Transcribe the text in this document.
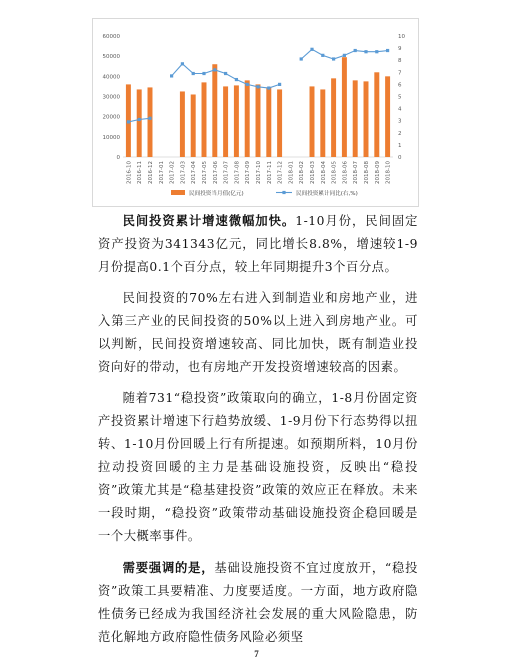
0
10000
20000
30000
40000
50000
60000
0
1
2
3
4
5
6
7
8
9
10
2016-10 2016-11 2016-12 2017-01 2017-02 2017-03 2017-04 2017-05 2017-06 2017-07 2017-08 2017-09 2017-10 2017-11 2017-12 2018-01 2018-02 2018-03 2018-04 2018-05 2018-06 2018-07 2018-08 2018-09 2018-10
民间投资当月值(亿元)	民间投资累计同比(右,%)

民间投资累计增速微幅加快。1-10月份，民间固定资产投资为341343亿元，同比增长8.8%，增速较1-9月份提高0.1个百分点，较上年同期提升3个百分点。

民间投资的70%左右进入到制造业和房地产业，进入第三产业的民间投资的50%以上进入到房地产业。可以判断，民间投资增速较高、同比加快，既有制造业投资向好的带动，也有房地产开发投资增速较高的因素。

随着731“稳投资”政策取向的确立，1-8月份固定资产投资累计增速下行趋势放缓、1-9月份下行态势得以扭转、1-10月份回暖上行有所提速。如预期所料，10月份拉动投资回暖的主力是基础设施投资，反映出“稳投资”政策尤其是“稳基建投资”政策的效应正在释放。未来一段时期，“稳投资”政策带动基础设施投资企稳回暖是一个大概率事件。

需要强调的是，基础设施投资不宜过度放开，“稳投资”政策工具要精准、力度要适度。一方面，地方政府隐性债务已经成为我国经济社会发展的重大风险隐患，防范化解地方政府隐性债务风险必须坚

7
